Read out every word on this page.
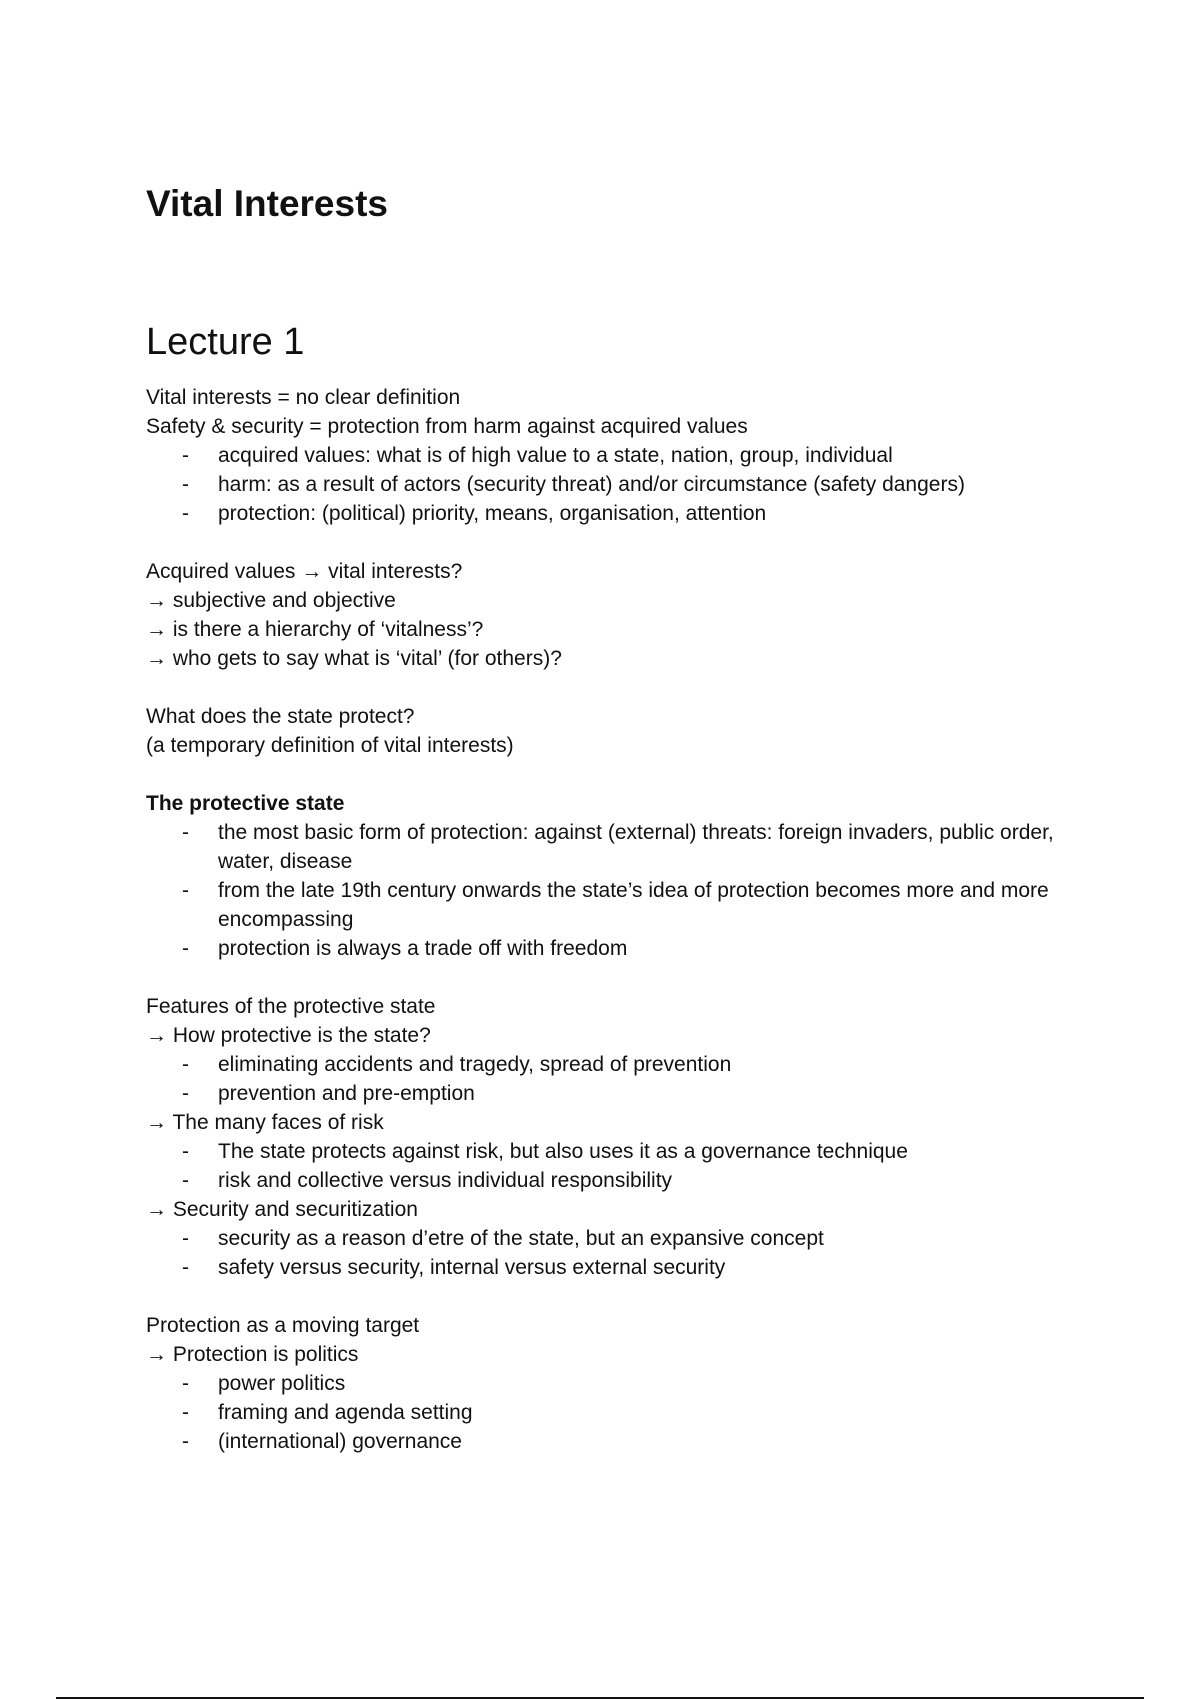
Vital Interests
Lecture 1
Vital interests = no clear definition
Safety & security = protection from harm against acquired values
- acquired values: what is of high value to a state, nation, group, individual
- harm: as a result of actors (security threat) and/or circumstance (safety dangers)
- protection: (political) priority, means, organisation, attention
Acquired values → vital interests?
→ subjective and objective
→ is there a hierarchy of ‘vitalness’?
→ who gets to say what is ‘vital’ (for others)?
What does the state protect?
(a temporary definition of vital interests)
The protective state
- the most basic form of protection: against (external) threats: foreign invaders, public order, water, disease
- from the late 19th century onwards the state’s idea of protection becomes more and more encompassing
- protection is always a trade off with freedom
Features of the protective state
→ How protective is the state?
- eliminating accidents and tragedy, spread of prevention
- prevention and pre-emption
→ The many faces of risk
- The state protects against risk, but also uses it as a governance technique
- risk and collective versus individual responsibility
→ Security and securitization
- security as a reason d’etre of the state, but an expansive concept
- safety versus security, internal versus external security
Protection as a moving target
→ Protection is politics
- power politics
- framing and agenda setting
- (international) governance
